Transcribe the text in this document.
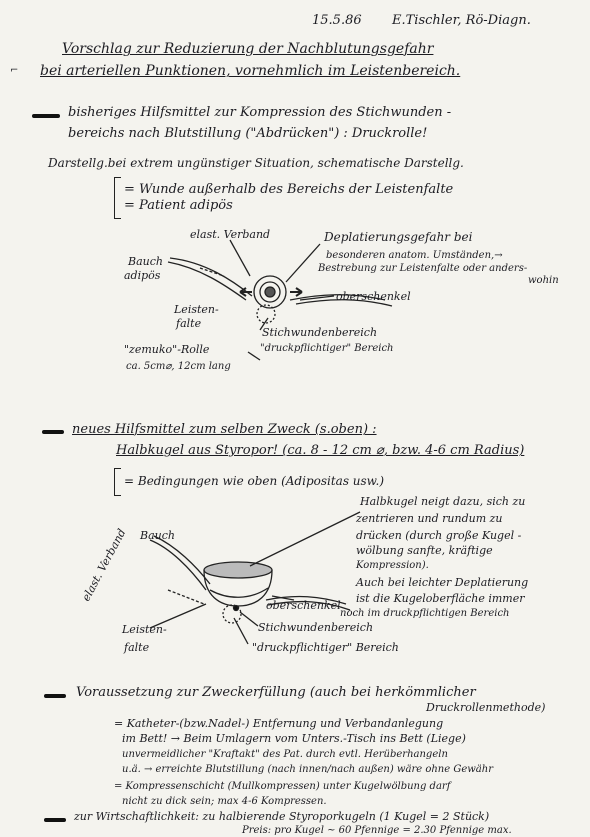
15.5.86 E.Tischler, Rö-Diagn.
Vorschlag zur Reduzierung der Nachblutungsgefahr
⌐ bei arteriellen Punktionen, vornehmlich im Leistenbereich.
bisheriges Hilfsmittel zur Kompression des Stichwunden -
bereichs nach Blutstillung ("Abdrücken") : Druckrolle!
Darstellg.bei extrem ungünstiger Situation, schematische Darstellg.
= Wunde außerhalb des Bereichs der Leistenfalte
= Patient adipös
elast. Verband
Bauch
adipös
Deplatierungsgefahr bei
besonderen anatom. Umständen,→
Bestrebung zur Leistenfalte oder anders-
wohin
oberschenkel
Leisten-
falte
Stichwundenbereich
"druckpflichtiger" Bereich
"zemuko"-Rolle
ca. 5cm⌀, 12cm lang
neues Hilfsmittel zum selben Zweck (s.oben) :
Halbkugel aus Styropor! (ca. 8 - 12 cm ⌀, bzw. 4-6 cm Radius)
= Bedingungen wie oben (Adipositas usw.)
Halbkugel neigt dazu, sich zu
zentrieren und rundum zu
drücken (durch große Kugel -
wölbung sanfte, kräftige
Kompression).
Auch bei leichter Deplatierung
ist die Kugeloberfläche immer
noch im druckpflichtigen Bereich
Bauch
elast. Verband
oberschenkel
Leisten-
falte
Stichwundenbereich
"druckpflichtiger" Bereich
Voraussetzung zur Zweckerfüllung (auch bei herkömmlicher
Druckrollenmethode)
= Katheter-(bzw.Nadel-) Entfernung und Verbandanlegung
im Bett! → Beim Umlagern vom Unters.-Tisch ins Bett (Liege)
unvermeidlicher "Kraftakt" des Pat. durch evtl. Herüberhangeln
u.ä. → erreichte Blutstillung (nach innen/nach außen) wäre ohne Gewähr
= Kompressenschicht (Mullkompressen) unter Kugelwölbung darf
nicht zu dick sein; max 4-6 Kompressen.
zur Wirtschaftlichkeit: zu halbierende Styroporkugeln (1 Kugel = 2 Stück)
Preis: pro Kugel ~ 60 Pfennige = 2.30 Pfennige max.
